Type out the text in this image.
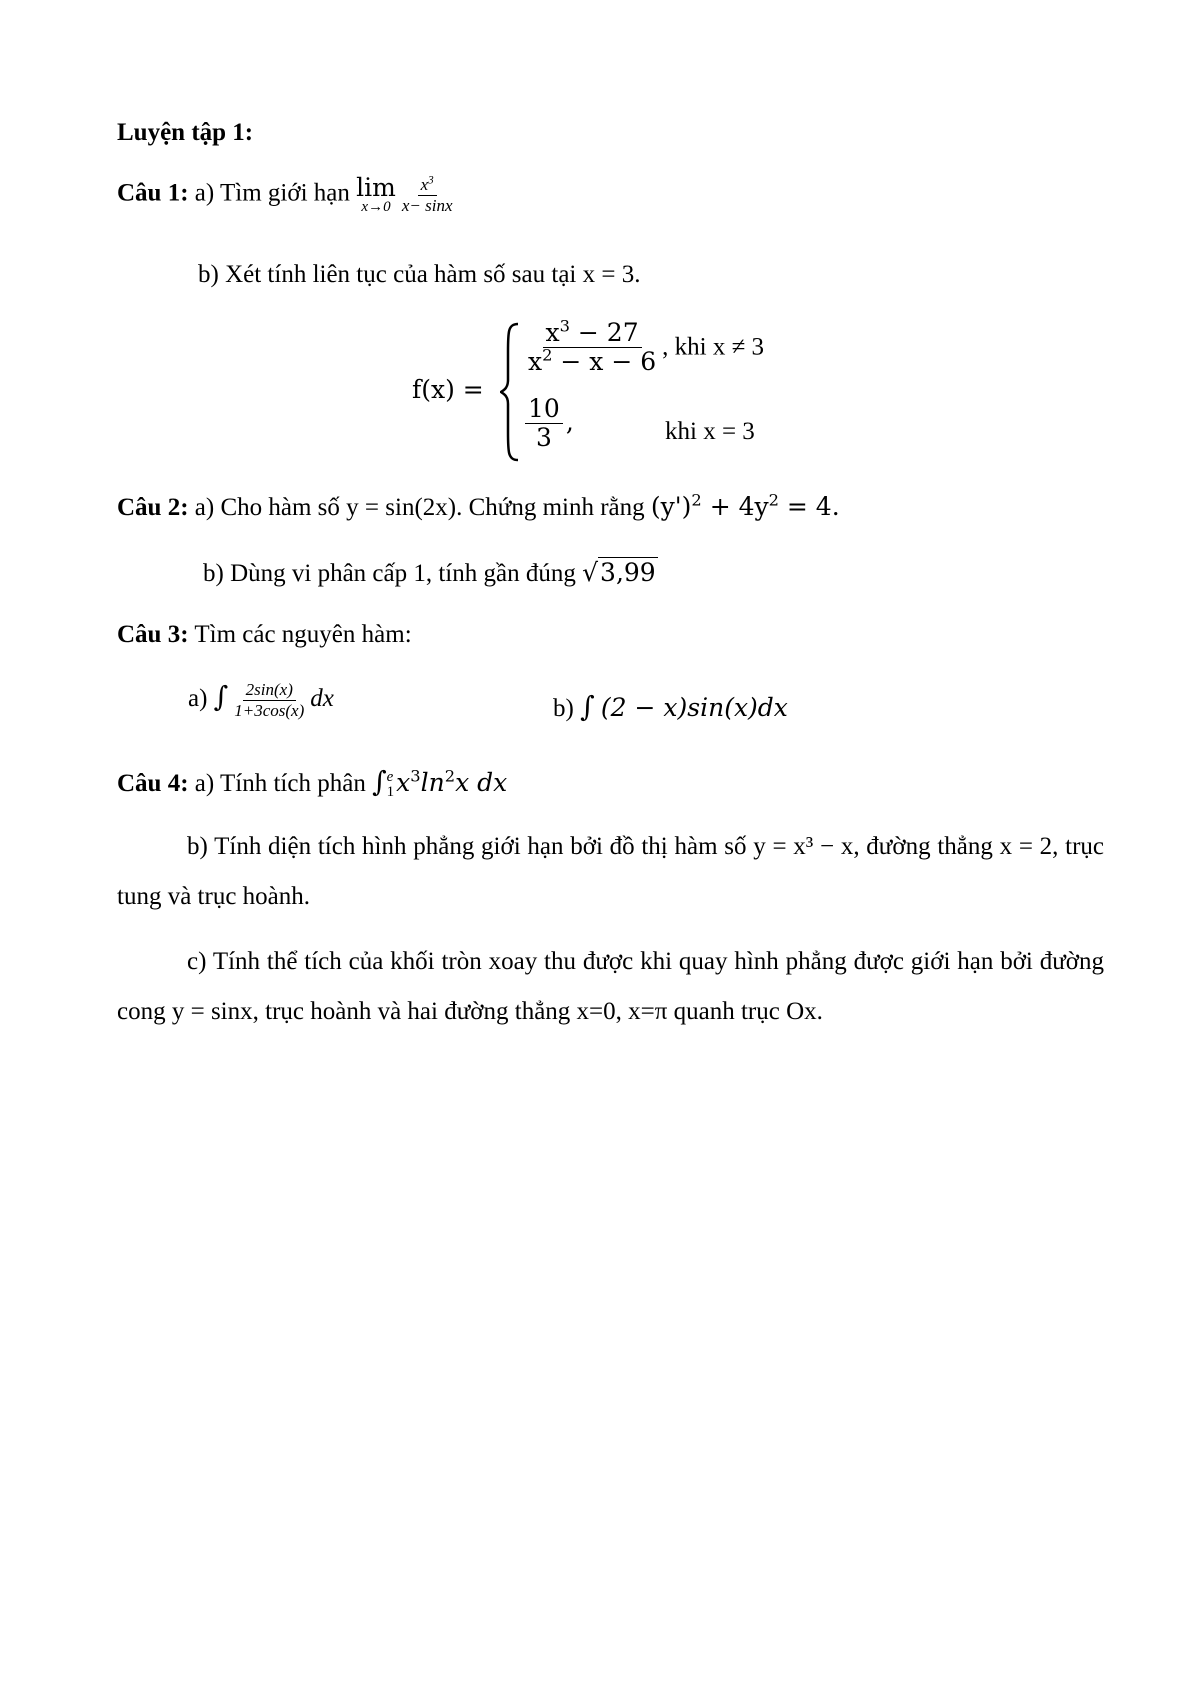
Luyện tập 1:
Câu 1: a) Tìm giới hạn lim
$x\to 0 \frac{x^3}{x- \sin x}$
b) Xét tính liên tục của hàm số sau tại x = 3.
f(x) =
$\frac{x^3 - 27}{x^2 - x - 6}$ , khi x ≠ 3
$\frac{10}{3}$ ,	khi x = 3
Câu 2: a) Cho hàm số y = sin(2x). Chứng minh rằng $(y')^2 + 4y^2 = 4$.
b) Dùng vi phân cấp 1, tính gần đúng √3,99
Câu 3: Tìm các nguyên hàm:
a) ∫ $\frac{2\sin(x)}{1+3\cos(x)}$ dx	b) ∫ (2 − x)sin(x)dx
Câu 4: a) Tính tích phân ∫ e
1 $x^3\ln^2x$ dx
b) Tính diện tích hình phẳng giới hạn bởi đồ thị hàm số y = x³ − x, đường thẳng x = 2, trục tung và trục hoành.
c) Tính thể tích của khối tròn xoay thu được khi quay hình phẳng được giới hạn bởi đường cong y = sinx, trục hoành và hai đường thẳng x=0, x=π quanh trục Ox.
